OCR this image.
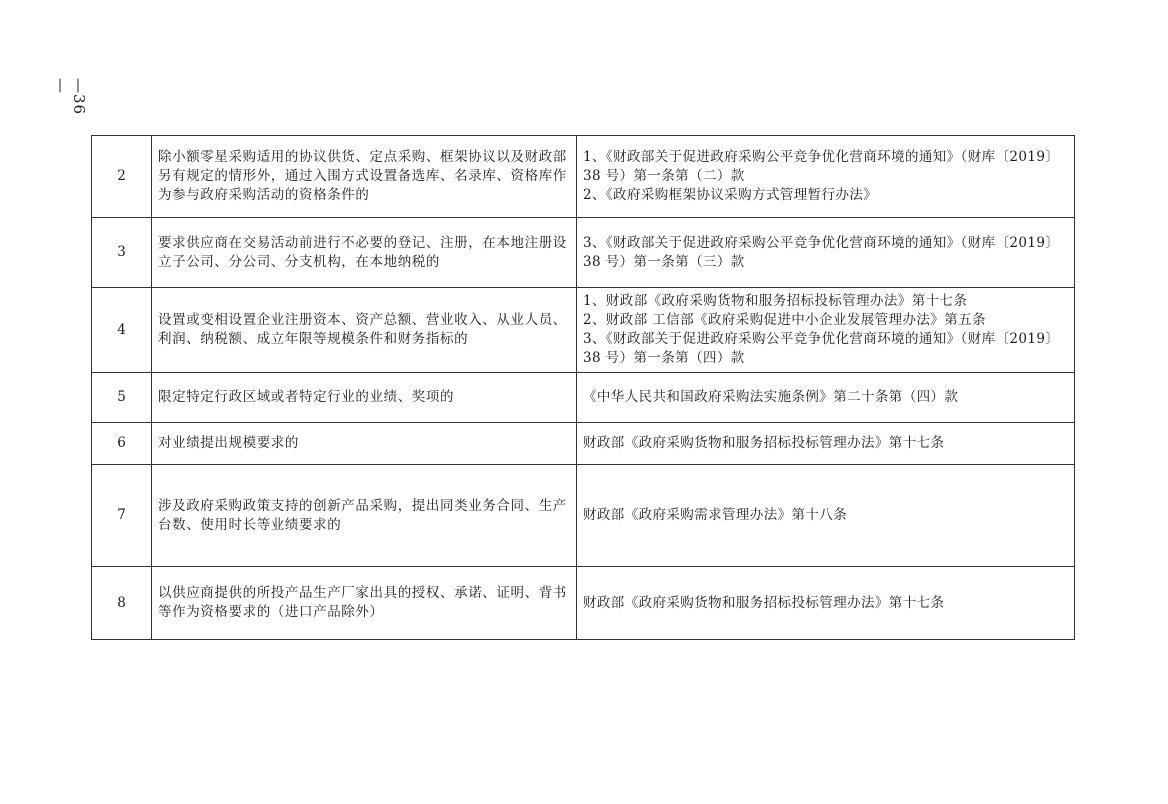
—36—
2	除小额零星采购适用的协议供货、定点采购、框架协议以及财政部另有规定的情形外，通过入围方式设置备选库、名录库、资格库作为参与政府采购活动的资格条件的	1、《财政部关于促进政府采购公平竞争优化营商环境的通知》（财库〔2019〕38 号）第一条第（二）款
2、《政府采购框架协议采购方式管理暂行办法》

3	要求供应商在交易活动前进行不必要的登记、注册，在本地注册设立子公司、分公司、分支机构，在本地纳税的	3、《财政部关于促进政府采购公平竞争优化营商环境的通知》（财库〔2019〕38 号）第一条第（三）款

4	设置或变相设置企业注册资本、资产总额、营业收入、从业人员、利润、纳税额、成立年限等规模条件和财务指标的	1、财政部《政府采购货物和服务招标投标管理办法》第十七条
2、财政部 工信部《政府采购促进中小企业发展管理办法》第五条
3、《财政部关于促进政府采购公平竞争优化营商环境的通知》（财库〔2019〕38 号）第一条第（四）款

5	限定特定行政区域或者特定行业的业绩、奖项的	《中华人民共和国政府采购法实施条例》第二十条第（四）款

6	对业绩提出规模要求的	财政部《政府采购货物和服务招标投标管理办法》第十七条

7	涉及政府采购政策支持的创新产品采购，提出同类业务合同、生产台数、使用时长等业绩要求的	财政部《政府采购需求管理办法》第十八条

8	以供应商提供的所投产品生产厂家出具的授权、承诺、证明、背书等作为资格要求的（进口产品除外）	财政部《政府采购货物和服务招标投标管理办法》第十七条
